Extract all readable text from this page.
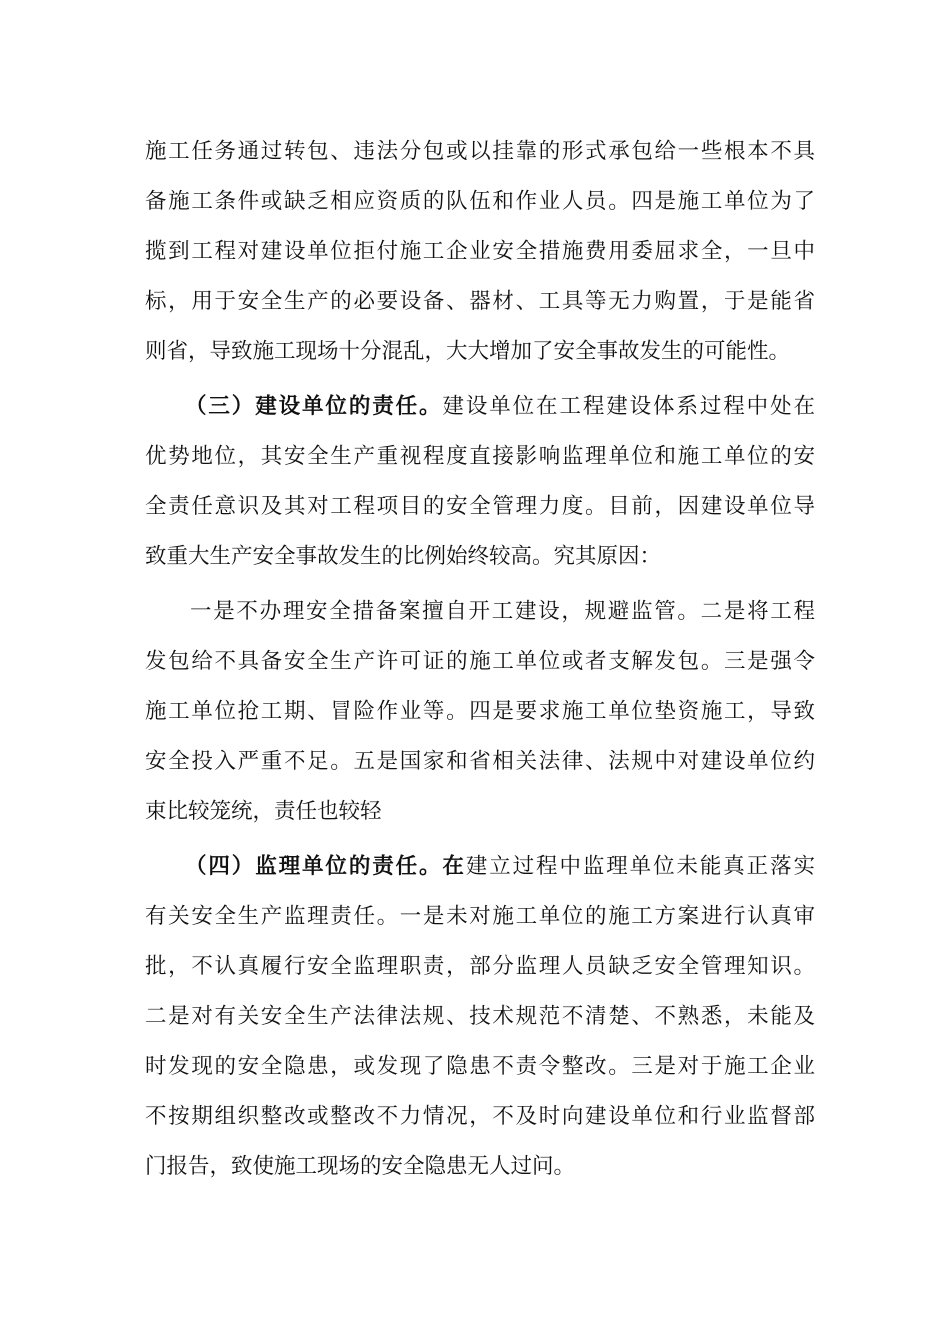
施工任务通过转包、违法分包或以挂靠的形式承包给一些根本不具
备施工条件或缺乏相应资质的队伍和作业人员。四是施工单位为了
揽到工程对建设单位拒付施工企业安全措施费用委屈求全，一旦中
标，用于安全生产的必要设备、器材、工具等无力购置，于是能省
则省，导致施工现场十分混乱，大大增加了安全事故发生的可能性。
（三）建设单位的责任。建设单位在工程建设体系过程中处在
优势地位，其安全生产重视程度直接影响监理单位和施工单位的安
全责任意识及其对工程项目的安全管理力度。目前，因建设单位导
致重大生产安全事故发生的比例始终较高。究其原因：
一是不办理安全措备案擅自开工建设，规避监管。二是将工程
发包给不具备安全生产许可证的施工单位或者支解发包。三是强令
施工单位抢工期、冒险作业等。四是要求施工单位垫资施工，导致
安全投入严重不足。五是国家和省相关法律、法规中对建设单位约
束比较笼统，责任也较轻
（四）监理单位的责任。在建立过程中监理单位未能真正落实
有关安全生产监理责任。一是未对施工单位的施工方案进行认真审
批，不认真履行安全监理职责，部分监理人员缺乏安全管理知识。
二是对有关安全生产法律法规、技术规范不清楚、不熟悉，未能及
时发现的安全隐患，或发现了隐患不责令整改。三是对于施工企业
不按期组织整改或整改不力情况，不及时向建设单位和行业监督部
门报告，致使施工现场的安全隐患无人过问。
